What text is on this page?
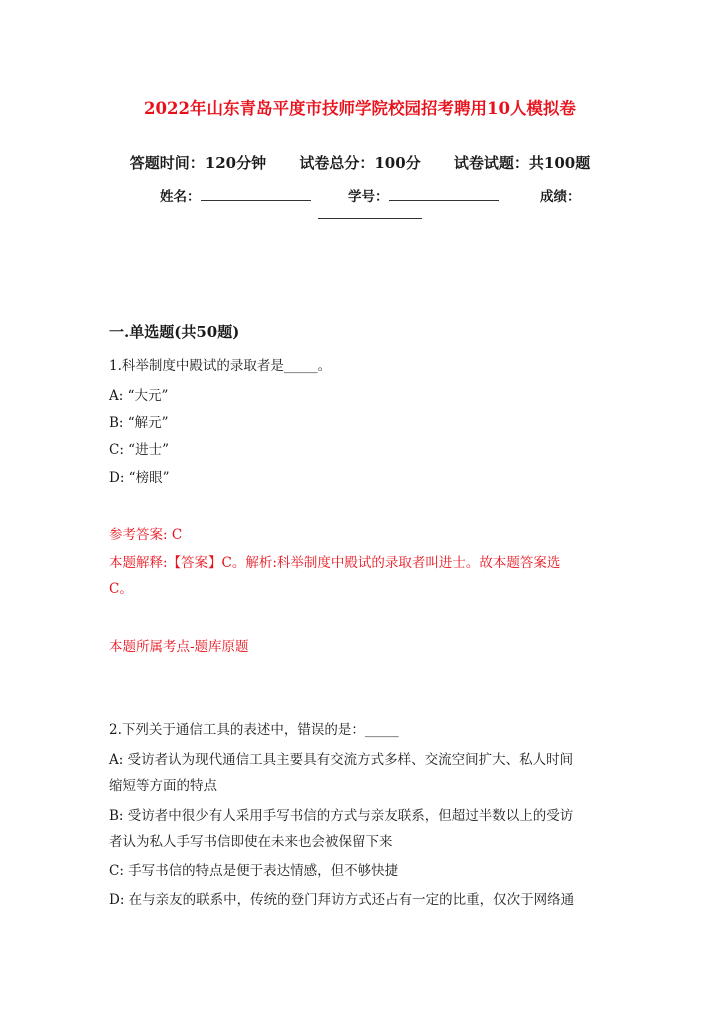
2022年山东青岛平度市技师学院校园招考聘用10人模拟卷
答题时间：120分钟 试卷总分：100分 试卷试题：共100题
姓名：	学号：	成绩：
一.单选题(共50题)
1.科举制度中殿试的录取者是_____。
A: “大元”
B: “解元”
C: “进士”
D: “榜眼”
参考答案: C
本题解释:【答案】C。解析:科举制度中殿试的录取者叫进士。故本题答案选
C。
本题所属考点-题库原题
2.下列关于通信工具的表述中，错误的是：_____
A: 受访者认为现代通信工具主要具有交流方式多样、交流空间扩大、私人时间
缩短等方面的特点
B: 受访者中很少有人采用手写书信的方式与亲友联系，但超过半数以上的受访
者认为私人手写书信即使在未来也会被保留下来
C: 手写书信的特点是便于表达情感，但不够快捷
D: 在与亲友的联系中，传统的登门拜访方式还占有一定的比重，仅次于网络通
